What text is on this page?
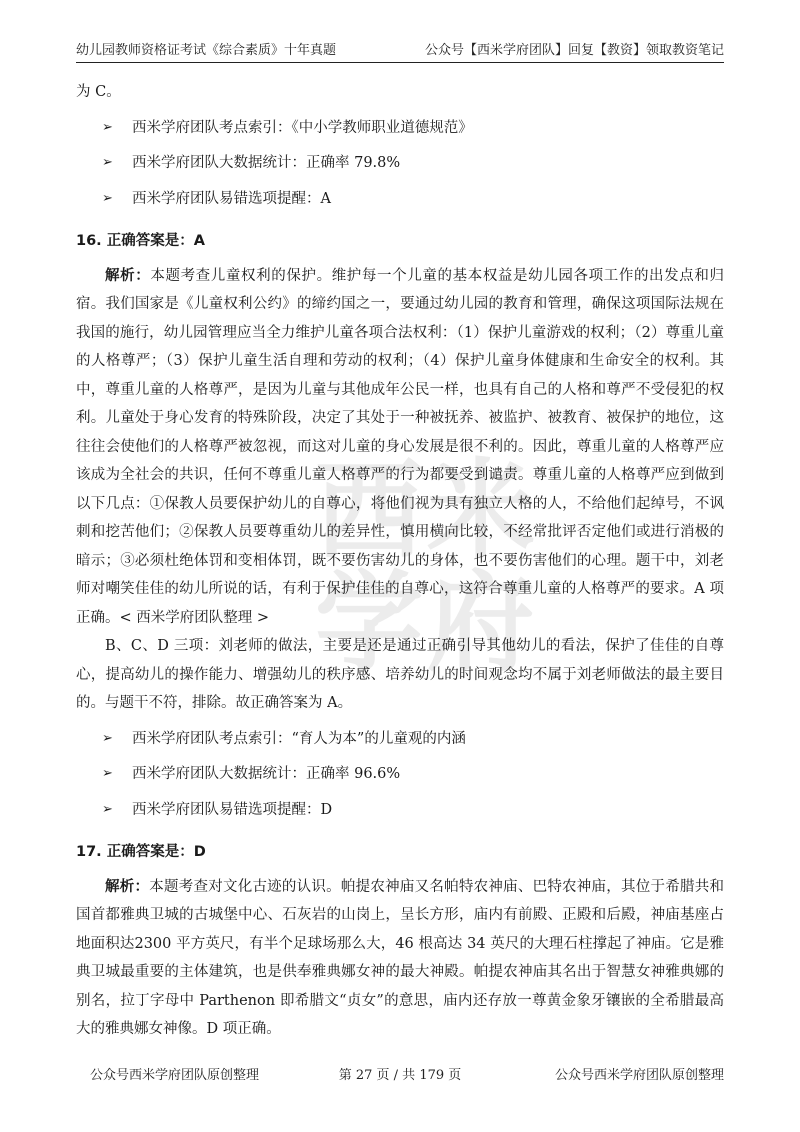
幼儿园教师资格证考试《综合素质》十年真题	公众号【西米学府团队】回复【教资】领取教资笔记
西 米
学 府

为 C。

➢	西米学府团队考点索引：《中小学教师职业道德规范》
➢	西米学府团队大数据统计：正确率 79.8%
➢	西米学府团队易错选项提醒：A
16. 正确答案是：A

解析：本题考查儿童权利的保护。维护每一个儿童的基本权益是幼儿园各项工作的出发点和归宿。我们国家是《儿童权利公约》的缔约国之一，要通过幼儿园的教育和管理，确保这项国际法规在我国的施行，幼儿园管理应当全力维护儿童各项合法权利：（1）保护儿童游戏的权利；（2）尊重儿童的人格尊严；（3）保护儿童生活自理和劳动的权利；（4）保护儿童身体健康和生命安全的权利。其中，尊重儿童的人格尊严，是因为儿童与其他成年公民一样，也具有自己的人格和尊严不受侵犯的权利。儿童处于身心发育的特殊阶段，决定了其处于一种被抚养、被监护、被教育、被保护的地位，这往往会使他们的人格尊严被忽视，而这对儿童的身心发展是很不利的。因此，尊重儿童的人格尊严应该成为全社会的共识，任何不尊重儿童人格尊严的行为都要受到谴责。尊重儿童的人格尊严应到做到以下几点：①保教人员要保护幼儿的自尊心，将他们视为具有独立人格的人，不给他们起绰号，不讽刺和挖苦他们；②保教人员要尊重幼儿的差异性，慎用横向比较，不经常批评否定他们或进行消极的暗示；③必须杜绝体罚和变相体罚，既不要伤害幼儿的身体，也不要伤害他们的心理。题干中，刘老师对嘲笑佳佳的幼儿所说的话，有利于保护佳佳的自尊心，这符合尊重儿童的人格尊严的要求。A 项正确。< 西米学府团队整理 >

B、C、D 三项：刘老师的做法，主要是还是通过正确引导其他幼儿的看法，保护了佳佳的自尊心，提高幼儿的操作能力、增强幼儿的秩序感、培养幼儿的时间观念均不属于刘老师做法的最主要目的。与题干不符，排除。故正确答案为 A。

➢	西米学府团队考点索引：“育人为本”的儿童观的内涵
➢	西米学府团队大数据统计：正确率 96.6%
➢	西米学府团队易错选项提醒：D
17. 正确答案是：D

解析：本题考查对文化古迹的认识。帕提农神庙又名帕特农神庙、巴特农神庙，其位于希腊共和国首都雅典卫城的古城堡中心、石灰岩的山岗上，呈长方形，庙内有前殿、正殿和后殿，神庙基座占地面积达2300 平方英尺，有半个足球场那么大，46 根高达 34 英尺的大理石柱撑起了神庙。它是雅典卫城最重要的主体建筑，也是供奉雅典娜女神的最大神殿。帕提农神庙其名出于智慧女神雅典娜的别名，拉丁字母中 Parthenon 即希腊文“贞女”的意思，庙内还存放一尊黄金象牙镶嵌的全希腊最高大的雅典娜女神像。D 项正确。

公众号西米学府团队原创整理	第 27 页 / 共 179 页	公众号西米学府团队原创整理
